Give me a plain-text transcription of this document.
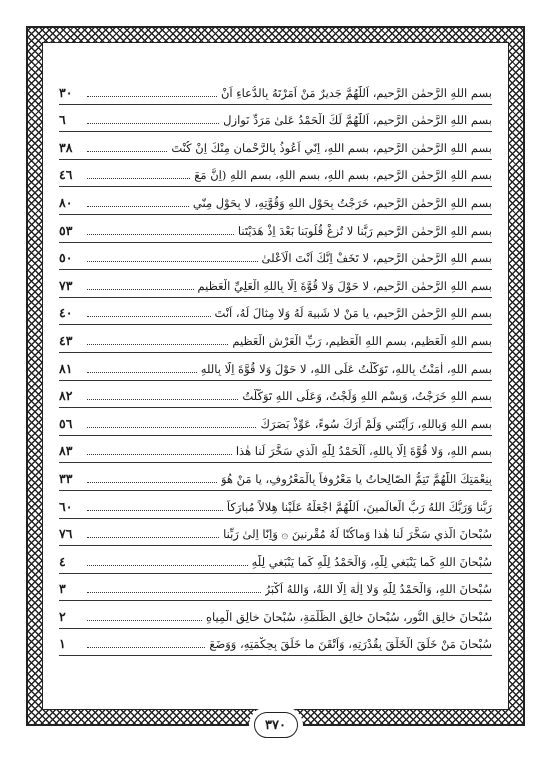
بسم اللهِ الرَّحمٰنِ الرَّحيمِ، اَللّٰهُمَّ جَديرٌ مَنْ اَمَرْتَهُ بِالدُّعاءِ اَنْ
٣٠
بسم اللهِ الرَّحمٰنِ الرَّحيمِ، اَللّٰهُمَّ لَكَ الْحَمْدُ عَلىٰ مَرَدِّ نَوازِلِ
٦
بسم اللهِ الرَّحمٰنِ الرَّحيمِ، بسم اللهِ، اِنّي اَعُوذُ بِالرَّحْمانِ مِنْكَ اِنْ كُنْتَ
٣٨
بسم اللهِ الرَّحمٰنِ الرَّحيمِ، بسم اللهِ، بسم اللهِ، بسم اللهِ (اِنَّ مَعَ
٤٦
بسم اللهِ الرَّحمٰنِ الرَّحيمِ، خَرَجْتُ بِحَوْلِ اللهِ وَقُوَّتِهِ، لا بِحَوْلٍ مِنّي
٨٠
بسم اللهِ الرَّحمٰنِ الرَّحيمِ رَبَّنا لا تُزِغْ قُلُوبَنا بَعْدَ اِذْ هَدَيْتَنا
٥٣
بسم اللهِ الرَّحمٰنِ الرَّحيمِ، لا تَخَفْ اِنَّكَ اَنْتَ الْاَعْلىٰ
٥٠
بسم اللهِ الرَّحمٰنِ الرَّحيمِ، لا حَوْلَ وَلا قُوَّةَ اِلّا بِاللهِ الْعَلِيِّ الْعَظيمِ
٧٣
بسم اللهِ الرَّحمٰنِ الرَّحيمِ، يا مَنْ لا شَبيهَ لَهُ وَلا مِثالَ لَهُ، اَنْتَ
٤٠
بسم اللهِ الْعَظيمِ، بسم اللهِ الْعَظيمِ، رَبِّ الْعَرْشِ الْعَظيمِ
٤٣
بسم اللهِ، اٰمَنْتُ بِاللهِ، تَوَكَّلْتُ عَلَى اللهِ، لا حَوْلَ وَلا قُوَّةَ اِلّا بِاللهِ
٨١
بسم اللهِ خَرَجْتُ، وَبِسْمِ اللهِ وَلَجْتُ، وَعَلَى اللهِ تَوَكَّلْتُ
٨٢
بسم اللهِ وَبِاللهِ، رَاَيْتَني وَلَمْ اَرَكَ سُوءً، عَوِّذْ بَصَرَكَ
٥٦
بسم اللهِ، وَلا قُوَّةَ اِلّا بِاللهِ، اَلْحَمْدُ لِلّٰهِ الَّذي سَخَّرَ لَنا هٰذا
٨٣
بِنِعْمَتِكَ اللّٰهُمَّ تَتِمُّ الصّالِحاتُ يا مَعْرُوفاً بِالْمَعْرُوفِ، يا مَنْ هُوَ
٣٣
رَبَّنا وَرَبُّكَ اللهُ رَبُّ الْعالَمينَ، اَللّٰهُمَّ اجْعَلْهُ عَلَيْنا هِلالاً مُبارَكاً
٦٠
سُبْحانَ الَّذي سَخَّرَ لَنا هٰذا وَماكُنّا لَهُ مُقْرِنينَ ۞ وَاِنّا اِلىٰ رَبِّنا
٧٦
سُبْحانَ اللهِ كَما يَنْبَغي لِلّٰهِ، وَالْحَمْدُ لِلّٰهِ كَما يَنْبَغي لِلّٰهِ
٤
سُبْحانَ اللهِ، وَالْحَمْدُ لِلّٰهِ وَلا اِلٰهَ اِلَّا اللهُ، وَاللهُ اَكْبَرُ
٣
سُبْحانَ خالِقِ النُّورِ، سُبْحانَ خالِقِ الظُّلْمَةِ، سُبْحانَ خالِقِ الْمِياهِ
٢
سُبْحانَ مَنْ خَلَقَ الْخَلْقَ بِقُدْرَتِهِ، وَاَتْقَنَ ما خَلَقَ بِحِكْمَتِهِ، وَوَضَعَ
١
٣٧٠
